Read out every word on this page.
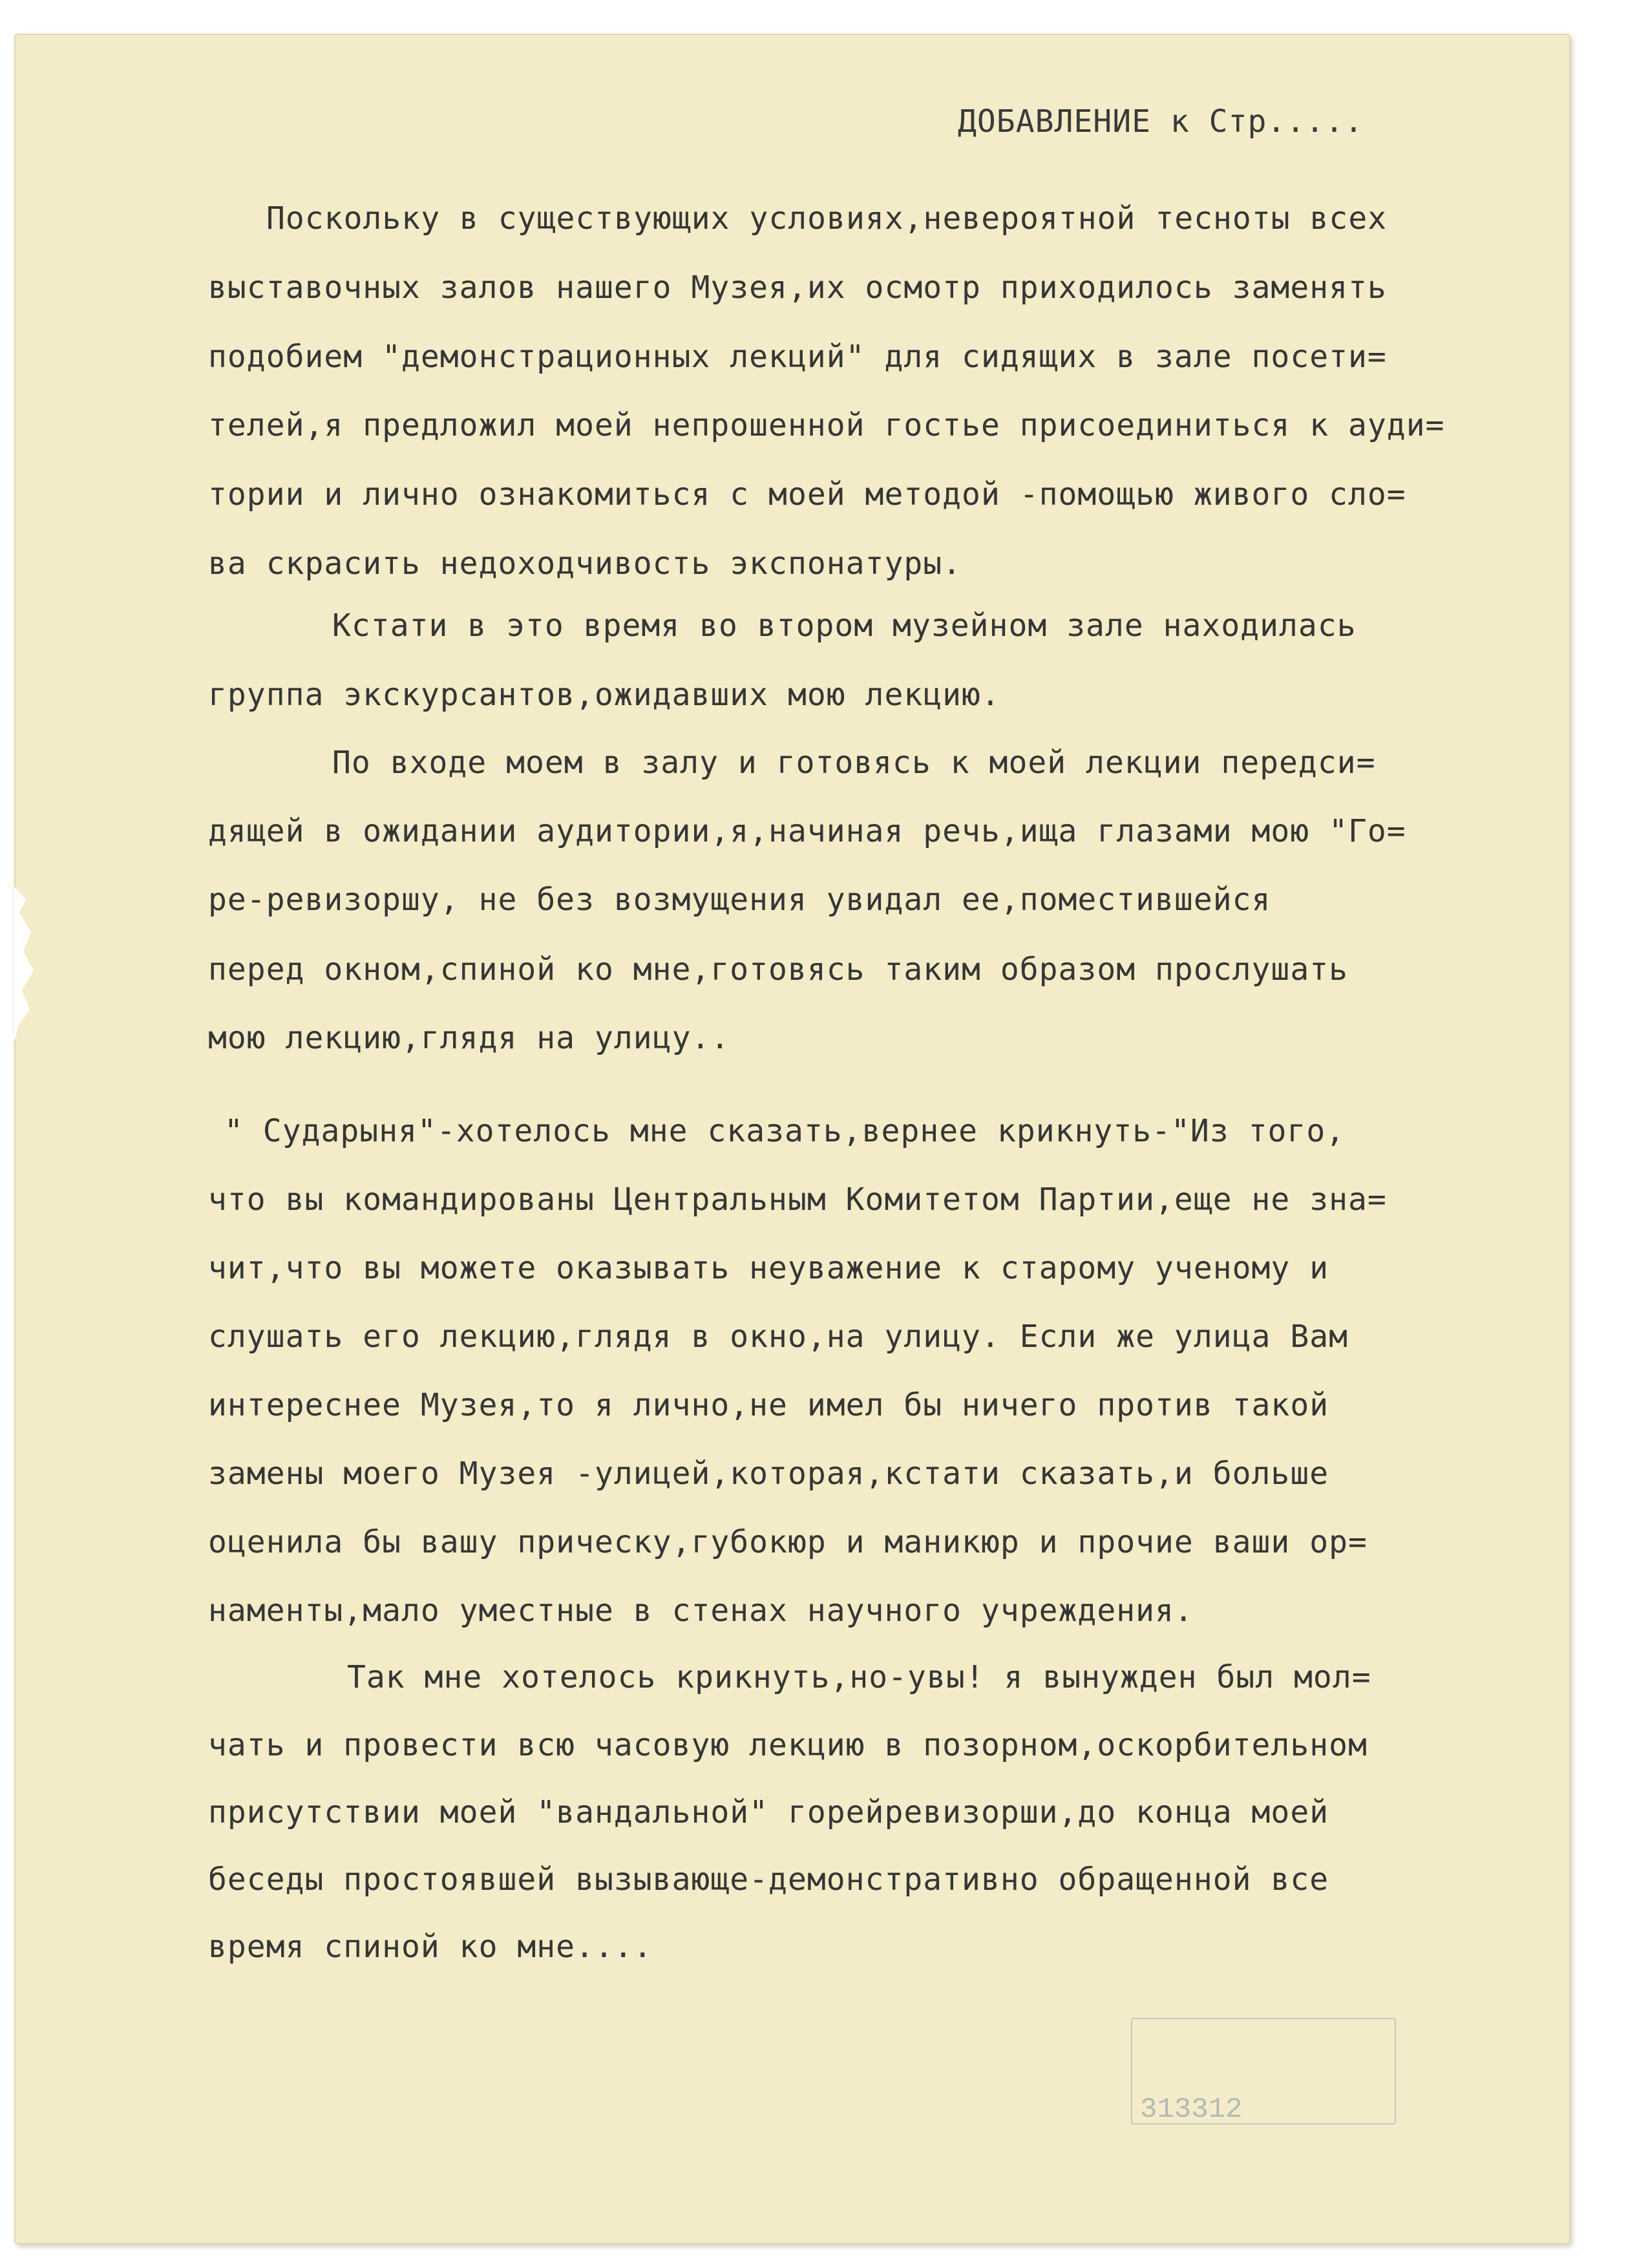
ДОБАВЛЕНИЕ к Стр.....
Поскольку в существующих условиях,невероятной тесноты всех
выставочных залов нашего Музея,их осмотр приходилось заменять
подобием "демонстрационных лекций" для сидящих в зале посети=
телей,я предложил моей непрошенной гостье присоединиться к ауди=
тории и лично ознакомиться с моей методой -помощью живого сло=
ва скрасить недоходчивость экспонатуры.
Кстати в это время во втором музейном зале находилась
группа экскурсантов,ожидавших мою лекцию.
По входе моем в залу и готовясь к моей лекции передси=
дящей в ожидании аудитории,я,начиная речь,ища глазами мою "Го=
ре-ревизоршу, не без возмущения увидал ее,поместившейся
перед окном,спиной ко мне,готовясь таким образом прослушать
мою лекцию,глядя на улицу..
" Сударыня"-хотелось мне сказать,вернее крикнуть-"Из того,
что вы командированы Центральным Комитетом Партии,еще не зна=
чит,что вы можете оказывать неуважение к старому ученому и
слушать его лекцию,глядя в окно,на улицу. Если же улица Вам
интереснее Музея,то я лично,не имел бы ничего против такой
замены моего Музея -улицей,которая,кстати сказать,и больше
оценила бы вашу прическу,губокюр и маникюр и прочие ваши ор=
наменты,мало уместные в стенах научного учреждения.
Так мне хотелось крикнуть,но-увы! я вынужден был мол=
чать и провести всю часовую лекцию в позорном,оскорбительном
присутствии моей "вандальной" горейревизорши,до конца моей
беседы простоявшей вызывающе-демонстративно обращенной все
время спиной ко мне....
313312
